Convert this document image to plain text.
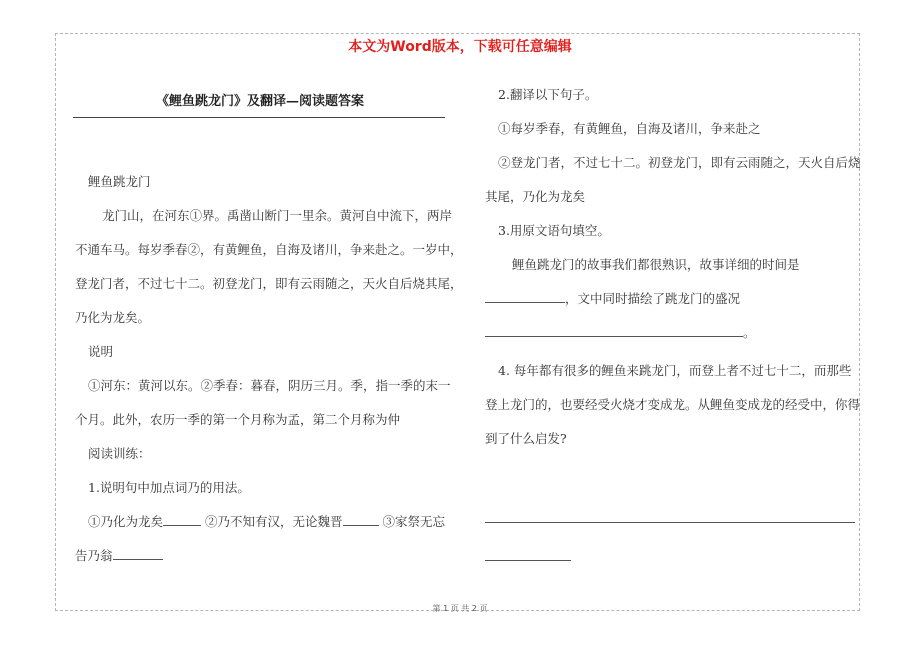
本文为Word版本，下载可任意编辑
《鲤鱼跳龙门》及翻译—阅读题答案

鲤鱼跳龙门

龙门山，在河东①界。禹凿山断门一里余。黄河自中流下，两岸

不通车马。每岁季春②，有黄鲤鱼，自海及诸川，争来赴之。一岁中，

登龙门者，不过七十二。初登龙门，即有云雨随之，天火自后烧其尾，

乃化为龙矣。

说明

①河东：黄河以东。②季春：暮春，阴历三月。季，指一季的末一

个月。此外，农历一季的第一个月称为孟，第二个月称为仲

阅读训练：

1.说明句中加点词乃的用法。

①乃化为龙矣	②乃不知有汉，无论魏晋	③家祭无忘

告乃翁

2.翻译以下句子。

①每岁季春，有黄鲤鱼，自海及诸川，争来赴之

②登龙门者，不过七十二。初登龙门，即有云雨随之，天火自后烧

其尾，乃化为龙矣

3.用原文语句填空。

鲤鱼跳龙门的故事我们都很熟识，故事详细的时间是

，文中同时描绘了跳龙门的盛况

。

4. 每年都有很多的鲤鱼来跳龙门，而登上者不过七十二，而那些

登上龙门的，也要经受火烧才变成龙。从鲤鱼变成龙的经受中，你得

到了什么启发?

第 1 页 共 2 页
